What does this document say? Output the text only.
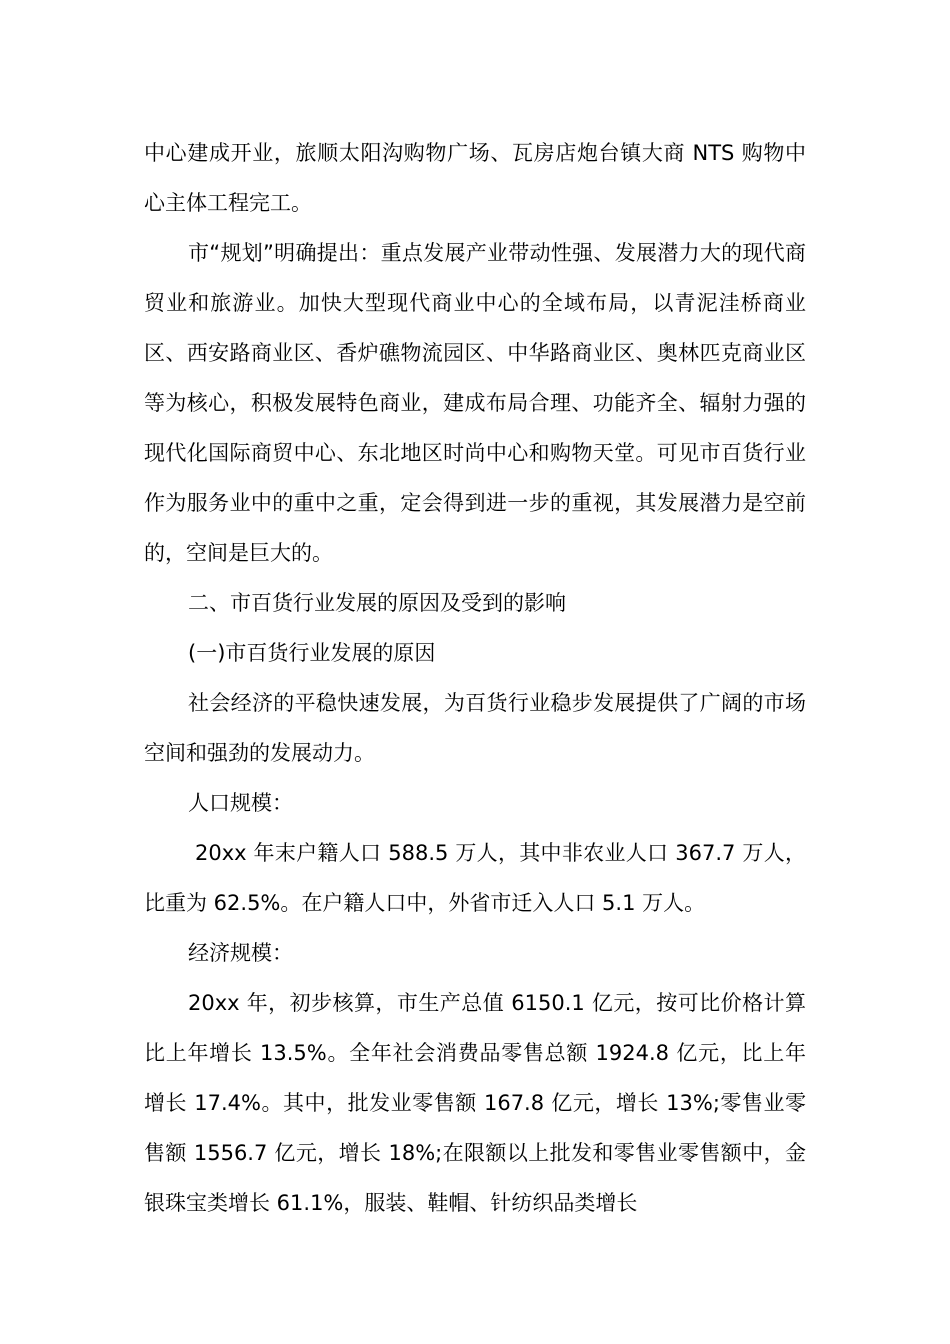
中心建成开业，旅顺太阳沟购物广场、瓦房店炮台镇大商 NTS 购物中心主体工程完工。

市“规划”明确提出：重点发展产业带动性强、发展潜力大的现代商贸业和旅游业。加快大型现代商业中心的全域布局，以青泥洼桥商业区、西安路商业区、香炉礁物流园区、中华路商业区、奥林匹克商业区等为核心，积极发展特色商业，建成布局合理、功能齐全、辐射力强的现代化国际商贸中心、东北地区时尚中心和购物天堂。可见市百货行业作为服务业中的重中之重，定会得到进一步的重视，其发展潜力是空前的，空间是巨大的。

二、市百货行业发展的原因及受到的影响

(一)市百货行业发展的原因

社会经济的平稳快速发展，为百货行业稳步发展提供了广阔的市场空间和强劲的发展动力。

人口规模：

20xx 年末户籍人口 588.5 万人，其中非农业人口 367.7 万人，比重为 62.5%。在户籍人口中，外省市迁入人口 5.1 万人。

经济规模：

20xx 年，初步核算，市生产总值 6150.1 亿元，按可比价格计算比上年增长 13.5%。全年社会消费品零售总额 1924.8 亿元，比上年增长 17.4%。其中，批发业零售额 167.8 亿元，增长 13%;零售业零售额 1556.7 亿元，增长 18%;在限额以上批发和零售业零售额中，金银珠宝类增长 61.1%，服装、鞋帽、针纺织品类增长
